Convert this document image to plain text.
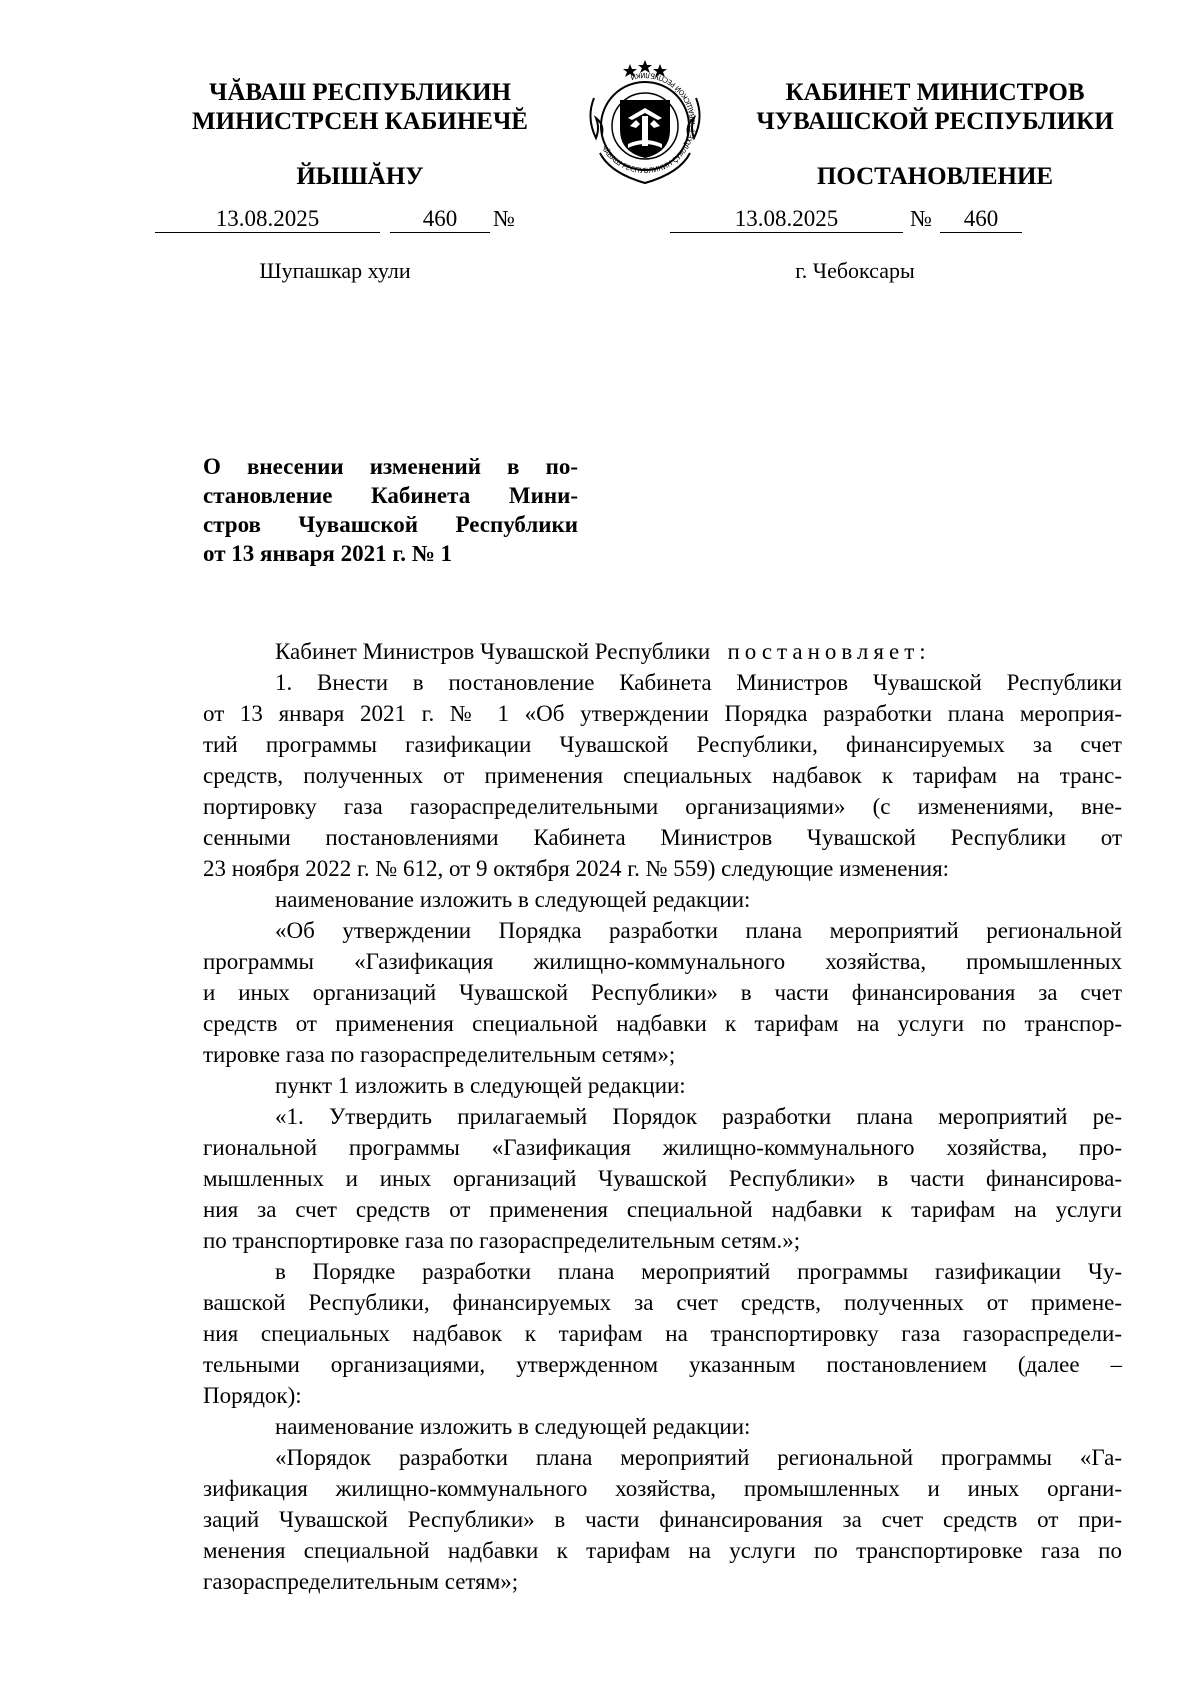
ЧĂВАШ РЕСПУБЛИКИН
МИНИСТРСЕН КАБИНЕЧĔ
ЙЫШĂНУ
КАБИНЕТ МИНИСТРОВ
ЧУВАШСКОЙ РЕСПУБЛИКИ
ПОСТАНОВЛЕНИЕ
ЧĂВАШ РЕСПУБЛИКИН ÇУМЛĂХĔ ◊ ЧУВАШСКОЙ РЕСПУБЛИКИ
13.08.2025	460	№	13.08.2025	№	460
Шупашкар хули	г. Чебоксары
О внесении изменений в по-
становление Кабинета Мини-
стров Чувашской Республики
от 13 января 2021 г. № 1
Кабинет Министров Чувашской Республики постановляет:
1. Внести в постановление Кабинета Министров Чувашской Республики
от 13 января 2021 г. № 1 «Об утверждении Порядка разработки плана мероприя-
тий программы газификации Чувашской Республики, финансируемых за счет
средств, полученных от применения специальных надбавок к тарифам на транс-
портировку газа газораспределительными организациями» (с изменениями, вне-
сенными постановлениями Кабинета Министров Чувашской Республики от
23 ноября 2022 г. № 612, от 9 октября 2024 г. № 559) следующие изменения:
наименование изложить в следующей редакции:
«Об утверждении Порядка разработки плана мероприятий региональной
программы «Газификация жилищно-коммунального хозяйства, промышленных
и иных организаций Чувашской Республики» в части финансирования за счет
средств от применения специальной надбавки к тарифам на услуги по транспор-
тировке газа по газораспределительным сетям»;
пункт 1 изложить в следующей редакции:
«1. Утвердить прилагаемый Порядок разработки плана мероприятий ре-
гиональной программы «Газификация жилищно-коммунального хозяйства, про-
мышленных и иных организаций Чувашской Республики» в части финансирова-
ния за счет средств от применения специальной надбавки к тарифам на услуги
по транспортировке газа по газораспределительным сетям.»;
в Порядке разработки плана мероприятий программы газификации Чу-
вашской Республики, финансируемых за счет средств, полученных от примене-
ния специальных надбавок к тарифам на транспортировку газа газораспредели-
тельными организациями, утвержденном указанным постановлением (далее –
Порядок):
наименование изложить в следующей редакции:
«Порядок разработки плана мероприятий региональной программы «Га-
зификация жилищно-коммунального хозяйства, промышленных и иных органи-
заций Чувашской Республики» в части финансирования за счет средств от при-
менения специальной надбавки к тарифам на услуги по транспортировке газа по
газораспределительным сетям»;
